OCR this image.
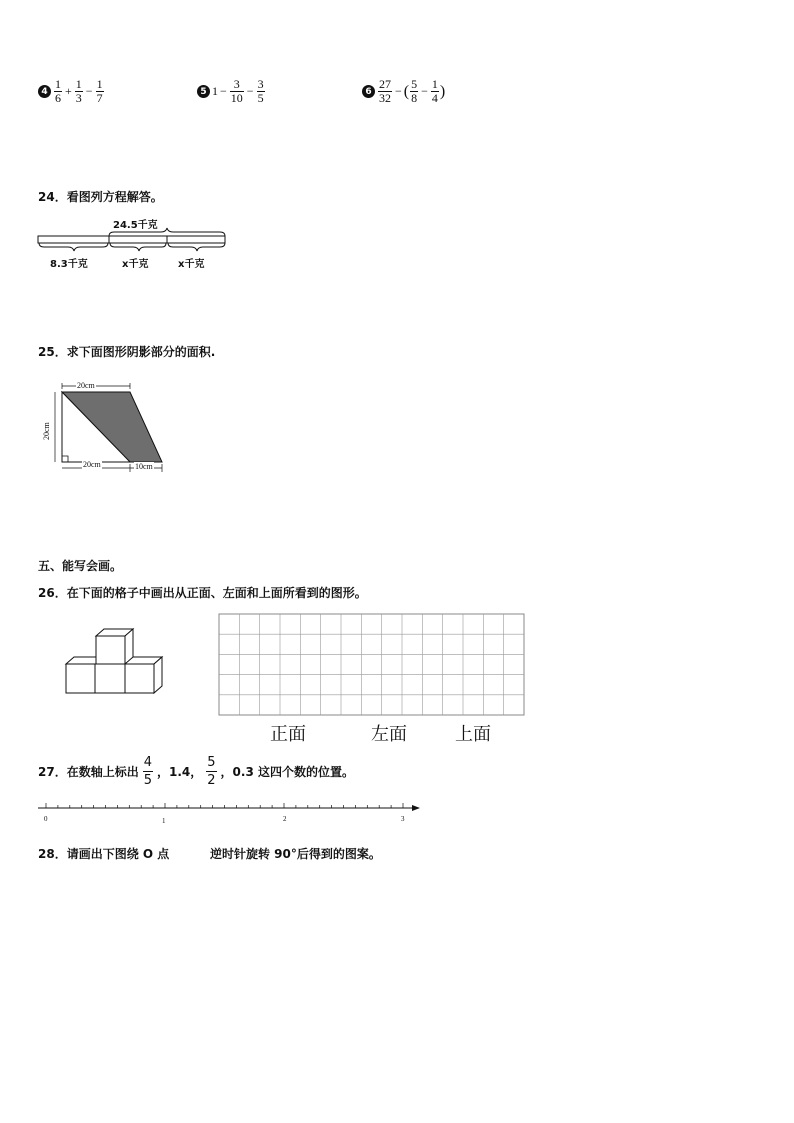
$4 \frac{1}{6} + \frac{1}{3} - \frac{1}{7}$	5 $1 - \frac{3}{10} - \frac{3}{5}$	$6 \frac{27}{32}$ − ( $\frac{5}{8} - \frac{1}{4}$ )
24．看图列方程解答。
24.5千克
8.3千克	x千克	x千克
25．求下面图形阴影部分的面积.
20cm
20cm
20cm	10cm
五、能写会画。
26．在下面的格子中画出从正面、左面和上面所看到的图形。
正面	左面	上面
27．在数轴上标出 $\frac{4}{5}$ ，1.4， $\frac{5}{2}$ ，0.3 这四个数的位置。
0	1	2	3
28．请画出下图绕 O 点	逆时针旋转 90°后得到的图案。
